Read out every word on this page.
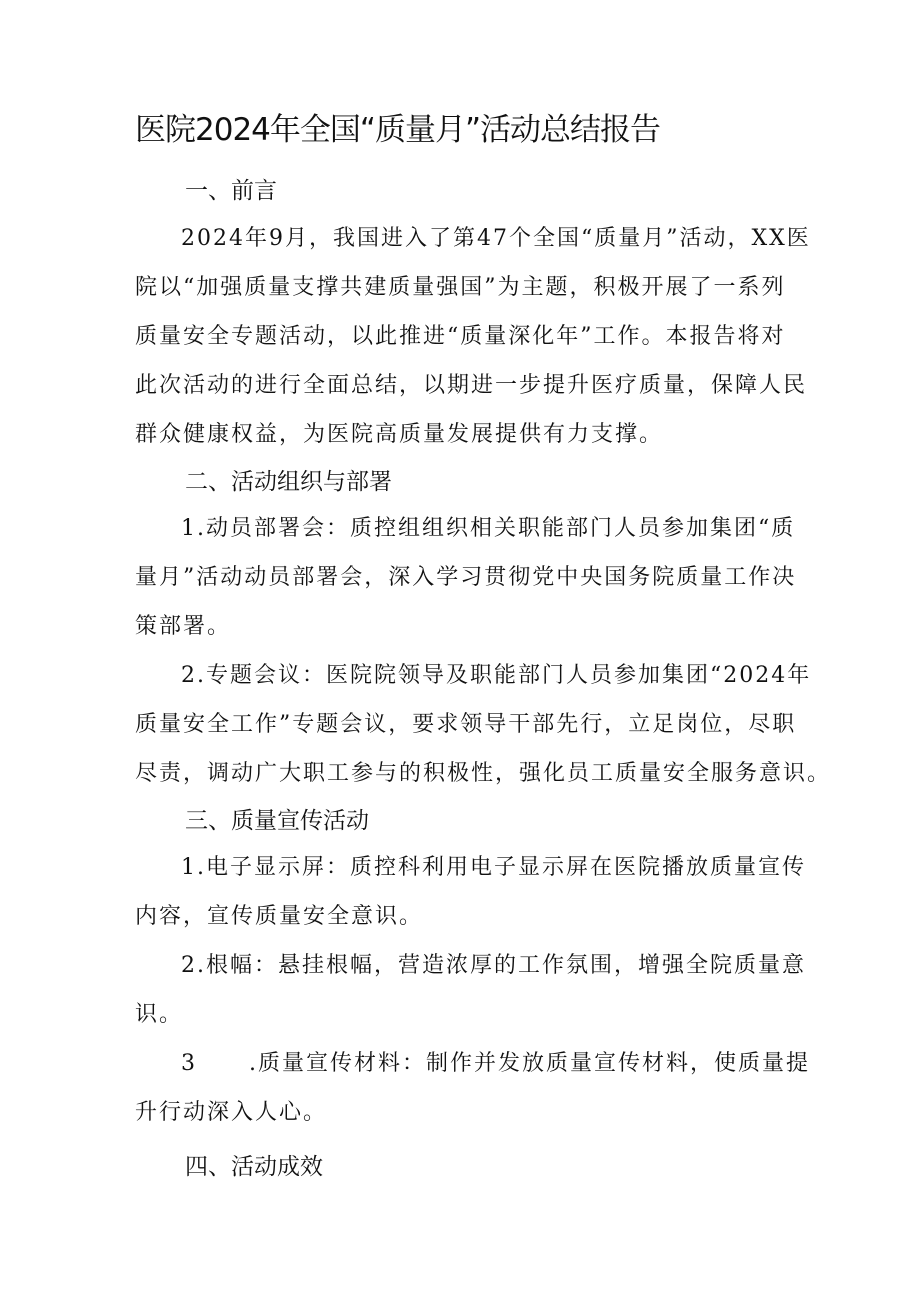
医院2024年全国“质量月”活动总结报告
一、前言
2024年9月，我国进入了第47个全国“质量月”活动，XX医
院以“加强质量支撑共建质量强国”为主题，积极开展了一系列
质量安全专题活动，以此推进“质量深化年”工作。本报告将对
此次活动的进行全面总结，以期进一步提升医疗质量，保障人民
群众健康权益，为医院高质量发展提供有力支撑。
二、活动组织与部署
1.动员部署会：质控组组织相关职能部门人员参加集团“质
量月”活动动员部署会，深入学习贯彻党中央国务院质量工作决
策部署。
2.专题会议：医院院领导及职能部门人员参加集团“2024年
质量安全工作”专题会议，要求领导干部先行，立足岗位，尽职
尽责，调动广大职工参与的积极性，强化员工质量安全服务意识。
三、质量宣传活动
1.电子显示屏：质控科利用电子显示屏在医院播放质量宣传
内容，宣传质量安全意识。
2.根幅：悬挂根幅，营造浓厚的工作氛围，增强全院质量意
识。
3 .质量宣传材料：制作并发放质量宣传材料，使质量提
升行动深入人心。
四、活动成效
